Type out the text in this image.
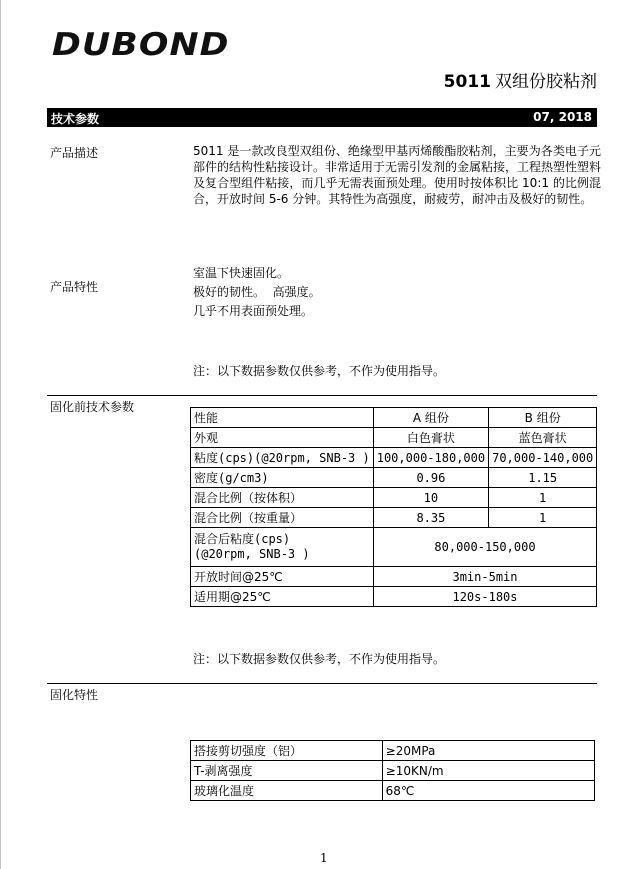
DUBOND
5011 双组份胶粘剂
技术参数	07, 2018
产品描述	5011 是一款改良型双组份、绝缘型甲基丙烯酸酯胶粘剂，主要为各类电子元部件的结构性粘接设计。非常适用于无需引发剂的金属粘接，工程热塑性塑料及复合型组件粘接，而几乎无需表面预处理。使用时按体积比 10:1 的比例混合，开放时间 5-6 分钟。其特性为高强度，耐疲劳，耐冲击及极好的韧性。
产品特性
室温下快速固化。
极好的韧性。  高强度。
几乎不用表面预处理。
注：以下数据参数仅供参考，不作为使用指导。
固化前技术参数
性能	A 组份	B 组份
外观	白色膏状	蓝色膏状
粘度(cps)(@20rpm, SNB-3 )	100,000-180,000	70,000-140,000
密度(g/cm3)	0.96	1.15
混合比例（按体积）	10	1
混合比例（按重量）	8.35	1

混合后粘度(cps)
(@20rpm, SNB-3 )	80,000-150,000	
开放时间@25℃	3min-5min	
适用期@25℃	120s-180s	
注：以下数据参数仅供参考，不作为使用指导。
固化特性
搭接剪切强度（铝）	≥20MPa
T-剥离强度	≥10KN/m
玻璃化温度	68℃
1
